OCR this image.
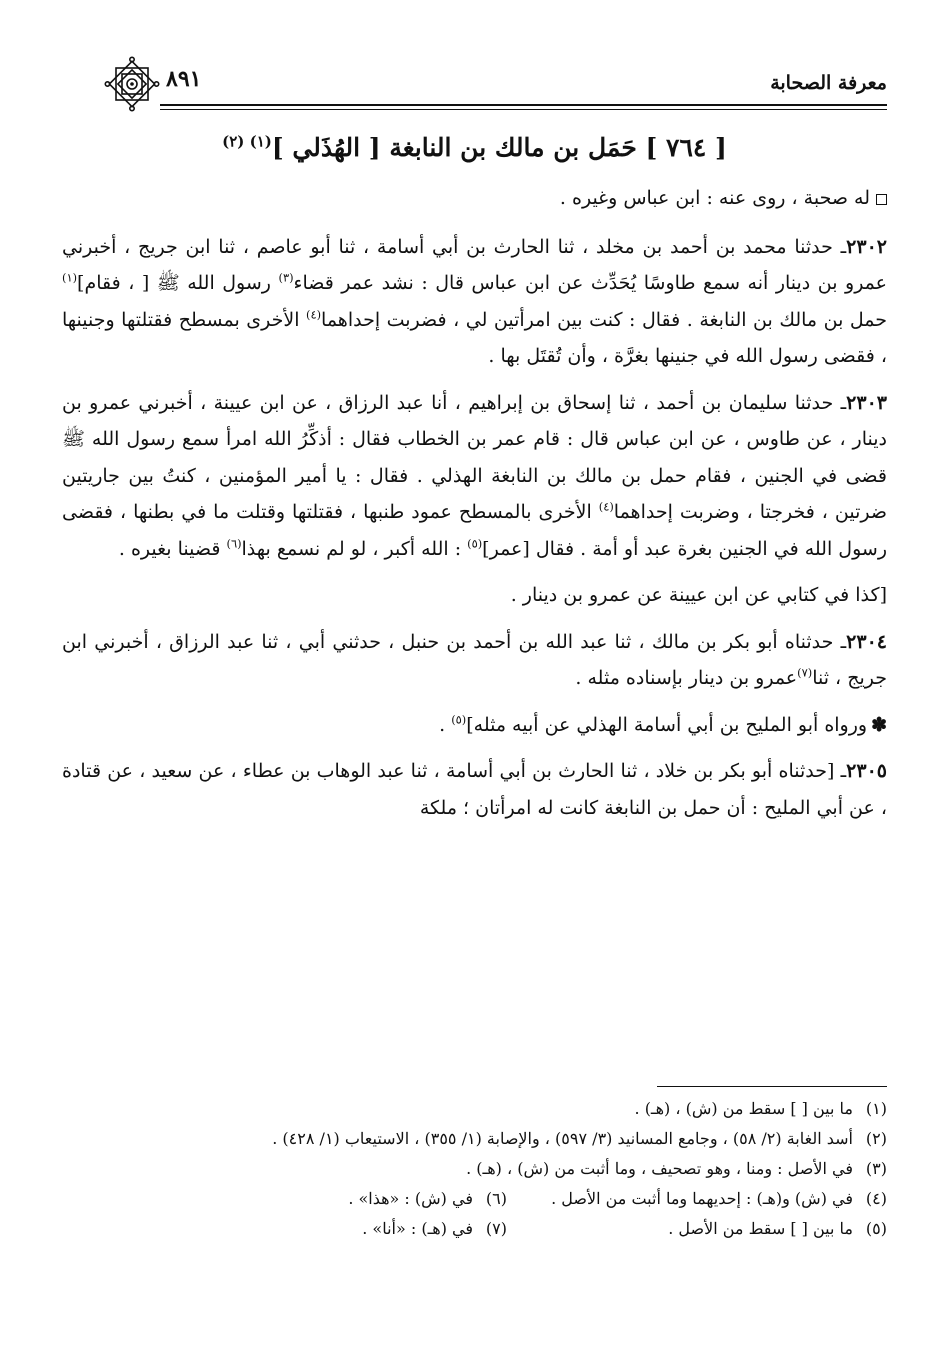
معرفة الصحابة
٨٩١
[ ٧٦٤ ] حَمَل بن مالك بن النابغة [ الهُذَلي ]$^{(١) (٢)}$

له صحبة ، روى عنه : ابن عباس وغيره .

٢٣٠٢ـ حدثنا محمد بن أحمد بن مخلد ، ثنا الحارث بن أبي أسامة ، ثنا أبو عاصم ، ثنا ابن جريج ، أخبرني عمرو بن دينار أنه سمع طاوسًا يُحَدِّث عن ابن عباس قال : نشد عمر قضاء$^{(٣)}$ رسول الله ﷺ [ ، فقام]$^{(١)}$ حمل بن مالك بن النابغة . فقال : كنت بين امرأتين لي ، فضربت إحداهما$^{(٤)}$ الأخرى بمسطح فقتلتها وجنينها ، فقضى رسول الله في جنينها بغرَّة ، وأن تُقتَل بها .

٢٣٠٣ـ حدثنا سليمان بن أحمد ، ثنا إسحاق بن إبراهيم ، أنا عبد الرزاق ، عن ابن عيينة ، أخبرني عمرو بن دينار ، عن طاوس ، عن ابن عباس قال : قام عمر بن الخطاب فقال : أذكِّرُ الله امرأ سمع رسول الله ﷺ قضى في الجنين ، فقام حمل بن مالك بن النابغة الهذلي . فقال : يا أمير المؤمنين ، كنتُ بين جاريتين ضرتين ، فخرجتا ، وضربت إحداهما$^{(٤)}$ الأخرى بالمسطح عمود طنبها ، فقتلتها وقتلت ما في بطنها ، فقضى رسول الله في الجنين بغرة عبد أو أمة . فقال [عمر]$^{(٥)}$ : الله أكبر ، لو لم نسمع بهذا$^{(٦)}$ قضينا بغيره .

[كذا في كتابي عن ابن عيينة عن عمرو بن دينار .

٢٣٠٤ـ حدثناه أبو بكر بن مالك ، ثنا عبد الله بن أحمد بن حنبل ، حدثني أبي ، ثنا عبد الرزاق ، أخبرني ابن جريج ، ثنا$^{(٧)}$عمرو بن دينار بإسناده مثله .

✽ورواه أبو المليح بن أبي أسامة الهذلي عن أبيه مثله]$^{(٥)}$ .

٢٣٠٥ـ [حدثناه أبو بكر بن خلاد ، ثنا الحارث بن أبي أسامة ، ثنا عبد الوهاب بن عطاء ، عن سعيد ، عن قتادة ، عن أبي المليح : أن حمل بن النابغة كانت له امرأتان ؛ ملكة

(١)
ما بين [ ] سقط من (ش) ، (هـ) .
(٢)
أسد الغابة (٢/ ٥٨) ، وجامع المسانيد (٣/ ٥٩٧) ، والإصابة (١/ ٣٥٥) ، الاستيعاب (١/ ٤٢٨) .
(٣)
في الأصل : ومنا ، وهو تصحيف ، وما أثبت من (ش) ، (هـ) .
(٤)
في (ش) و(هـ) : إحديهما وما أثبت من الأصل .
(٦)
في (ش) : «هذا» .
(٥)
ما بين [ ] سقط من الأصل .
(٧)
في (هـ) : «أنا» .
